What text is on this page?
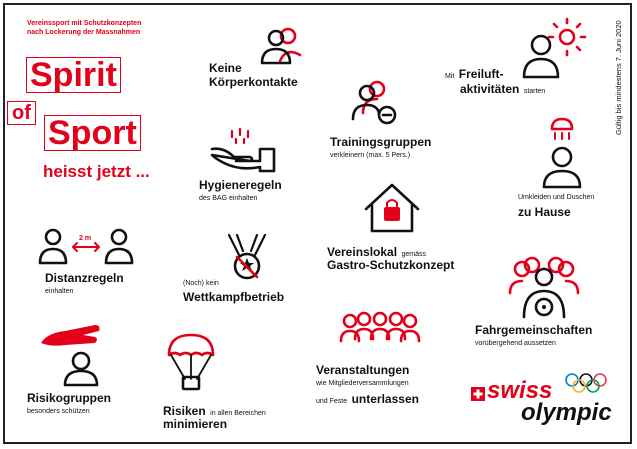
Vereinssport mit Schutzkonzepten
nach Lockerung der Massnahmen
Spirit
of
Sport
heisst jetzt ...
Gültig bis mindestens 7. Juni 2020
Keine
Körperkontakte	Mit Freiluft-
aktivitäten starten
Trainingsgruppen
verkleinern (max. 5 Pers.)
Hygieneregeln
des BAG einhalten	Umkleiden und Duschen
zu Hause
Vereinslokal gemäss
Gastro-Schutzkonzept
2 m
Distanzregeln
einhalten
(Noch) kein
Wettkampfbetrieb
Fahrgemeinschaften
vorübergehend aussetzen
Risikogruppen
besonders schützen	Risiken in allen Bereichen
minimieren
Veranstaltungen
wie Mitgliederversammlungen
und Feste unterlassen	swiss
olympic
